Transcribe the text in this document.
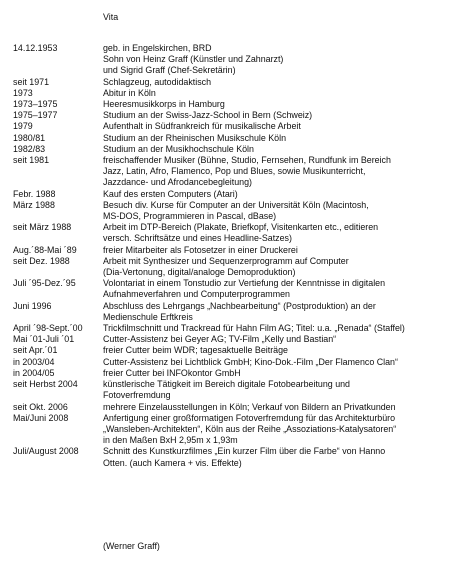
Vita
14.12.1953	geb. in Engelskirchen, BRD
Sohn von Heinz Graff (Künstler und Zahnarzt)
und Sigrid Graff (Chef-Sekretärin)
seit 1971	Schlagzeug, autodidaktisch
1973	Abitur in Köln
1973–1975	Heeresmusikkorps in Hamburg
1975–1977	Studium an der Swiss-Jazz-School in Bern (Schweiz)
1979	Aufenthalt in Südfrankreich für musikalische Arbeit
1980/81	Studium an der Rheinischen Musikschule Köln
1982/83	Studium an der Musikhochschule Köln
seit 1981	freischaffender Musiker (Bühne, Studio, Fernsehen, Rundfunk im Bereich
Jazz, Latin, Afro, Flamenco, Pop und Blues, sowie Musikunterricht,
Jazzdance- und Afrodancebegleitung)
Febr. 1988	Kauf des ersten Computers (Atari)
März 1988	Besuch div. Kurse für Computer an der Universität Köln (Macintosh,
MS-DOS, Programmieren in Pascal, dBase)
seit März 1988	Arbeit im DTP-Bereich (Plakate, Briefkopf, Visitenkarten etc., editieren
versch. Schriftsätze und eines Headline-Satzes)
Aug.´88-Mai ´89	freier Mitarbeiter als Fotosetzer in einer Druckerei
seit Dez. 1988	Arbeit mit Synthesizer und Sequenzerprogramm auf Computer
(Dia-Vertonung, digital/analoge Demoproduktion)
Juli ´95-Dez.´95	Volontariat in einem Tonstudio zur Vertiefung der Kenntnisse in digitalen
Aufnahmeverfahren und Computerprogrammen
Juni 1996	Abschluss des Lehrgangs „Nachbearbeitung“ (Postproduktion) an der
Medienschule Erftkreis
April ´98-Sept.´00	Trickfilmschnitt und Trackread für Hahn Film AG; Titel: u.a. „Renada“ (Staffel)
Mai ´01-Juli ´01	Cutter-Assistenz bei Geyer AG; TV-Film „Kelly und Bastian“
seit Apr.´01	freier Cutter beim WDR; tagesaktuelle Beiträge
in 2003/04	Cutter-Assistenz bei Lichtblick GmbH; Kino-Dok.-Film „Der Flamenco Clan“
in 2004/05	freier Cutter bei INFOkontor GmbH
seit Herbst 2004	künstlerische Tätigkeit im Bereich digitale Fotobearbeitung und
Fotoverfremdung
seit Okt. 2006	mehrere Einzelausstellungen in Köln; Verkauf von Bildern an Privatkunden
Mai/Juni 2008	Anfertigung einer großformatigen Fotoverfremdung für das Architekturbüro
„Wansleben-Architekten“, Köln aus der Reihe „Assoziations-Katalysatoren“
in den Maßen BxH 2,95m x 1,93m
Juli/August 2008	Schnitt des Kunstkurzfilmes „Ein kurzer Film über die Farbe“ von Hanno
Otten. (auch Kamera + vis. Effekte)
(Werner Graff)
